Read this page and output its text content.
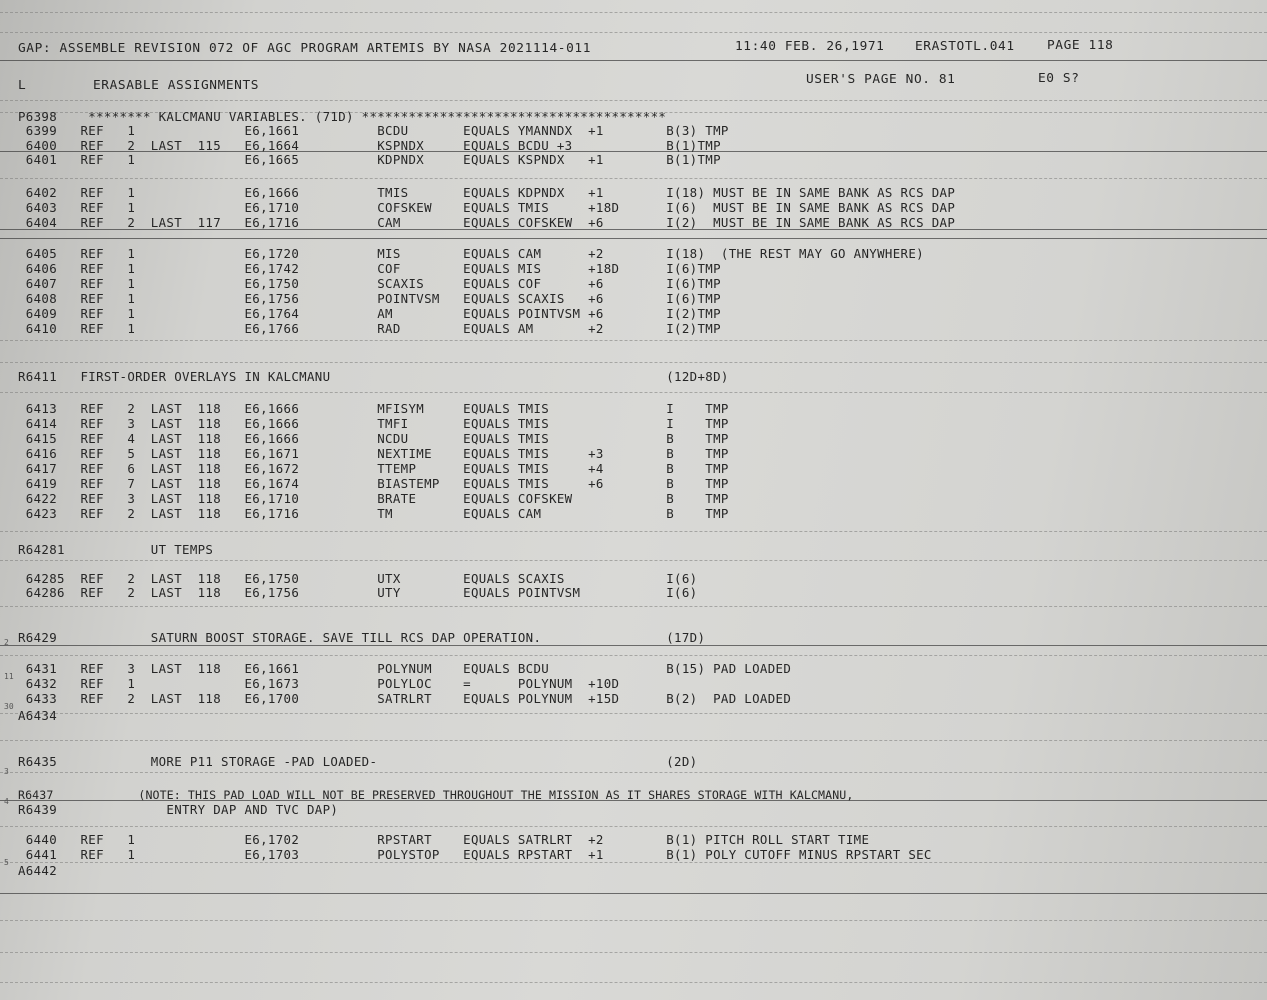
GAP: ASSEMBLE REVISION 072 OF AGC PROGRAM ARTEMIS BY NASA 2021114-011	11:40 FEB. 26,1971 ERASTOTL.041	PAGE 118
L	ERASABLE ASSIGNMENTS	USER'S PAGE NO. 81	E0 S?
P6398    ******** KALCMANU VARIABLES. (71D) ***************************************
6399   REF   1              E6,1661          BCDU       EQUALS YMANNDX  +1        B(3) TMP
6400   REF   2  LAST  115   E6,1664          KSPNDX     EQUALS BCDU +3            B(1)TMP
6401   REF   1              E6,1665          KDPNDX     EQUALS KSPNDX   +1        B(1)TMP
6402   REF   1              E6,1666          TMIS       EQUALS KDPNDX   +1        I(18) MUST BE IN SAME BANK AS RCS DAP
6403   REF   1              E6,1710          COFSKEW    EQUALS TMIS     +18D      I(6)  MUST BE IN SAME BANK AS RCS DAP
6404   REF   2  LAST  117   E6,1716          CAM        EQUALS COFSKEW  +6        I(2)  MUST BE IN SAME BANK AS RCS DAP
6405   REF   1              E6,1720          MIS        EQUALS CAM      +2        I(18)  (THE REST MAY GO ANYWHERE)
6406   REF   1              E6,1742          COF        EQUALS MIS      +18D      I(6)TMP
6407   REF   1              E6,1750          SCAXIS     EQUALS COF      +6        I(6)TMP
6408   REF   1              E6,1756          POINTVSM   EQUALS SCAXIS   +6        I(6)TMP
6409   REF   1              E6,1764          AM         EQUALS POINTVSM +6        I(2)TMP
6410   REF   1              E6,1766          RAD        EQUALS AM       +2        I(2)TMP
R6411   FIRST-ORDER OVERLAYS IN KALCMANU                                           (12D+8D)
6413   REF   2  LAST  118   E6,1666          MFISYM     EQUALS TMIS               I    TMP
6414   REF   3  LAST  118   E6,1666          TMFI       EQUALS TMIS               I    TMP
6415   REF   4  LAST  118   E6,1666          NCDU       EQUALS TMIS               B    TMP
6416   REF   5  LAST  118   E6,1671          NEXTIME    EQUALS TMIS     +3        B    TMP
6417   REF   6  LAST  118   E6,1672          TTEMP      EQUALS TMIS     +4        B    TMP
6419   REF   7  LAST  118   E6,1674          BIASTEMP   EQUALS TMIS     +6        B    TMP
6422   REF   3  LAST  118   E6,1710          BRATE      EQUALS COFSKEW            B    TMP
6423   REF   2  LAST  118   E6,1716          TM         EQUALS CAM                B    TMP
R64281           UT TEMPS
64285  REF   2  LAST  118   E6,1750          UTX        EQUALS SCAXIS             I(6)
64286  REF   2  LAST  118   E6,1756          UTY        EQUALS POINTVSM           I(6)
R6429            SATURN BOOST STORAGE. SAVE TILL RCS DAP OPERATION.                (17D)
6431   REF   3  LAST  118   E6,1661          POLYNUM    EQUALS BCDU               B(15) PAD LOADED
6432   REF   1              E6,1673          POLYLOC    =      POLYNUM  +10D
6433   REF   2  LAST  118   E6,1700          SATRLRT    EQUALS POLYNUM  +15D      B(2)  PAD LOADED
A6434
R6435            MORE P11 STORAGE -PAD LOADED-                                     (2D)
R6437            (NOTE: THIS PAD LOAD WILL NOT BE PRESERVED THROUGHOUT THE MISSION AS IT SHARES STORAGE WITH KALCMANU,
R6439              ENTRY DAP AND TVC DAP)
6440   REF   1              E6,1702          RPSTART    EQUALS SATRLRT  +2        B(1) PITCH ROLL START TIME
6441   REF   1              E6,1703          POLYSTOP   EQUALS RPSTART  +1        B(1) POLY CUTOFF MINUS RPSTART SEC
A6442
2
11
30
3
4
5
